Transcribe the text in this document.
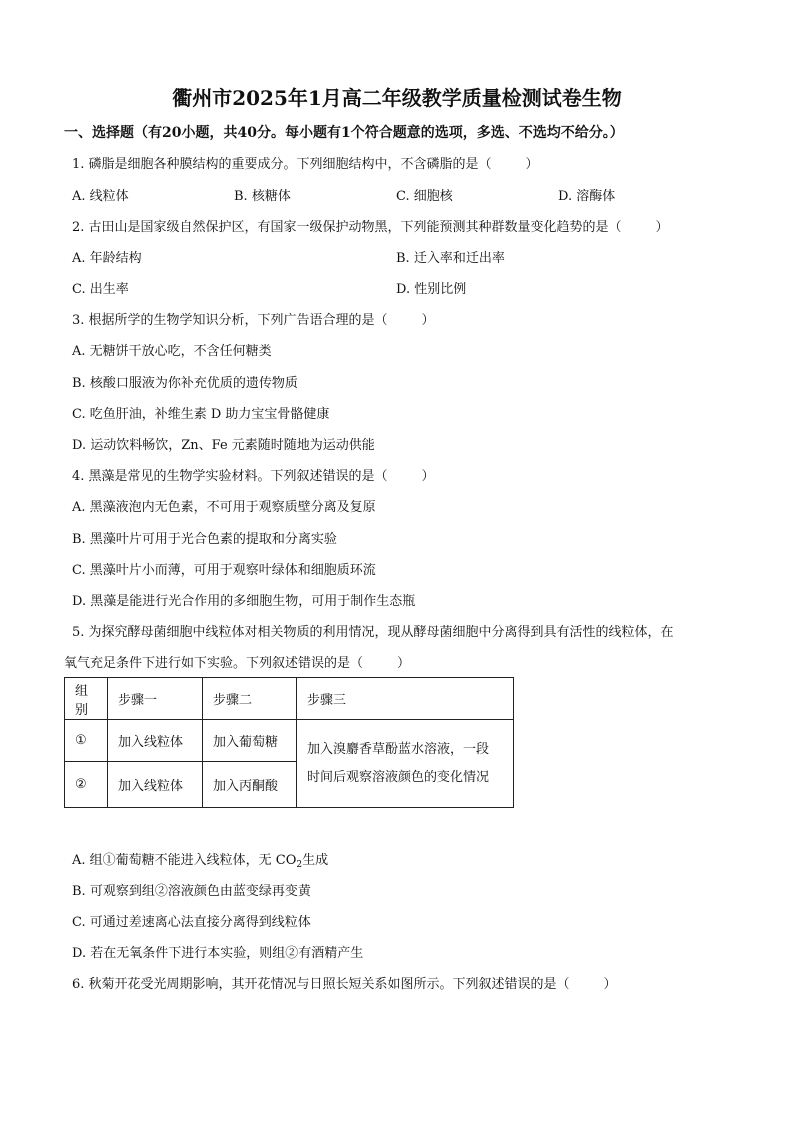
衢州市2025年1月高二年级教学质量检测试卷生物
一、选择题（有20小题，共40分。每小题有1个符合题意的选项，多选、不选均不给分。）
1. 磷脂是细胞各种膜结构的重要成分。下列细胞结构中，不含磷脂的是（	）
A. 线粒体	B. 核糖体	C. 细胞核	D. 溶酶体
2. 古田山是国家级自然保护区，有国家一级保护动物黑，下列能预测其种群数量变化趋势的是（	）
A. 年龄结构	B. 迁入率和迁出率
C. 出生率	D. 性别比例
3. 根据所学的生物学知识分析，下列广告语合理的是（	）
A. 无糖饼干放心吃，不含任何糖类
B. 核酸口服液为你补充优质的遗传物质
C. 吃鱼肝油，补维生素 D 助力宝宝骨骼健康
D. 运动饮料畅饮，Zn、Fe 元素随时随地为运动供能
4. 黑藻是常见的生物学实验材料。下列叙述错误的是（	）
A. 黑藻液泡内无色素，不可用于观察质壁分离及复原
B. 黑藻叶片可用于光合色素的提取和分离实验
C. 黑藻叶片小而薄，可用于观察叶绿体和细胞质环流
D. 黑藻是能进行光合作用的多细胞生物，可用于制作生态瓶
5. 为探究酵母菌细胞中线粒体对相关物质的利用情况，现从酵母菌细胞中分离得到具有活性的线粒体，在
氧气充足条件下进行如下实验。下列叙述错误的是（	）
组别	步骤一	步骤二	步骤三
①	加入线粒体	加入葡萄糖	加入溴麝香草酚蓝水溶液，一段
时间后观察溶液颜色的变化情况

②	加入线粒体	加入丙酮酸	
A. 组①葡萄糖不能进入线粒体，无 $CO_2$生成
B. 可观察到组②溶液颜色由蓝变绿再变黄
C. 可通过差速离心法直接分离得到线粒体
D. 若在无氧条件下进行本实验，则组②有酒精产生
6. 秋菊开花受光周期影响，其开花情况与日照长短关系如图所示。下列叙述错误的是（	）
